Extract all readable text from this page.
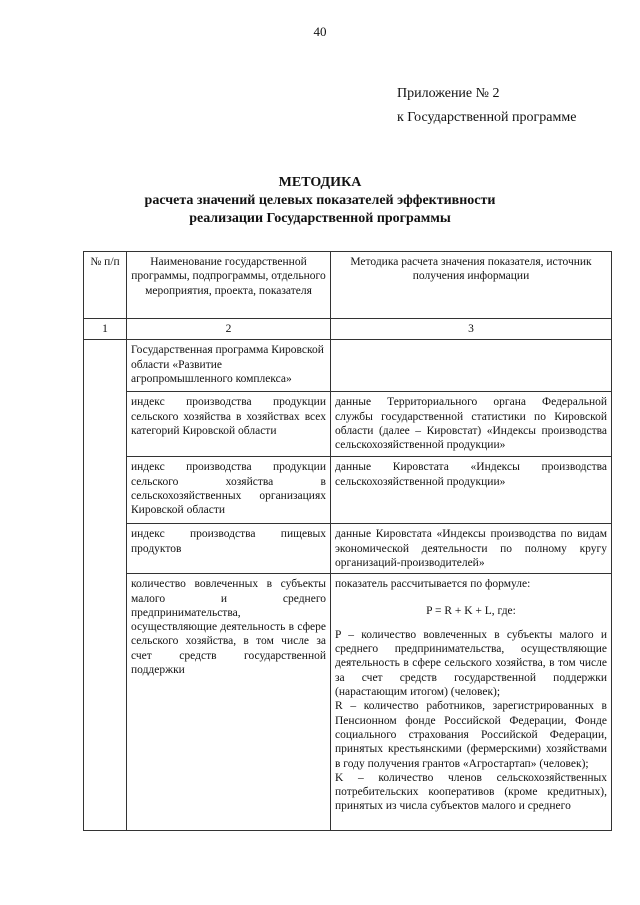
40
Приложение № 2
к Государственной программе
МЕТОДИКА
расчета значений целевых показателей эффективности
реализации Государственной программы
№ п/п	Наименование государственной программы, подпрограммы, отдельного мероприятия, проекта, показателя	Методика расчета значения показателя, источник получения информации
1	2	3
	Государственная программа Кировской области «Развитие агропромышленного комплекса»	
	индекс производства продукции сельского хозяйства в хозяйствах всех категорий Кировской области	данные Территориального органа Федеральной службы государственной статистики по Кировской области (далее – Кировстат) «Индексы производства сельскохозяйственной продукции»
	индекс производства продукции сельского хозяйства в сельскохозяйственных организациях Кировской области	данные Кировстата «Индексы производства сельскохозяйственной продукции»
	индекс производства пищевых продуктов	данные Кировстата «Индексы производства по видам экономической деятельности по полному кругу организаций-производителей»
	количество вовлеченных в субъекты малого и среднего предпринимательства, осуществляющие деятельность в сфере сельского хозяйства, в том числе за счет средств государственной поддержки	показатель рассчитывается по формуле:
P = R + K + L, где:
P – количество вовлеченных в субъекты малого и среднего предпринимательства, осуществляющие деятельность в сфере сельского хозяйства, в том числе за счет средств государственной поддержки (нарастающим итогом) (человек);
R – количество работников, зарегистрированных в Пенсионном фонде Российской Федерации, Фонде социального страхования Российской Федерации, принятых крестьянскими (фермерскими) хозяйствами в году получения грантов «Агростартап» (человек);
K – количество членов сельскохозяйственных потребительских кооперативов (кроме кредитных), принятых из числа субъектов малого и среднего
